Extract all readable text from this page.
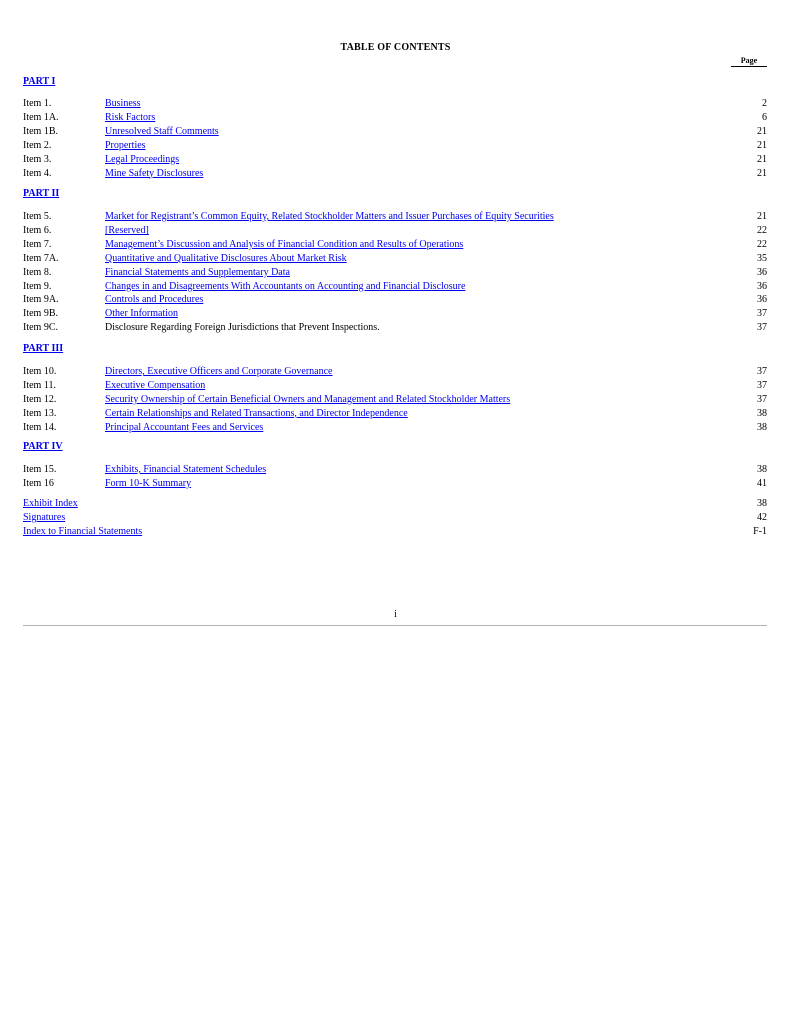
TABLE OF CONTENTS
Page
PART I
Item 1.	Business	2
Item 1A.	Risk Factors	6
Item 1B.	Unresolved Staff Comments	21
Item 2.	Properties	21
Item 3.	Legal Proceedings	21
Item 4.	Mine Safety Disclosures	21
PART II
Item 5.	Market for Registrant’s Common Equity, Related Stockholder Matters and Issuer Purchases of Equity Securities	21
Item 6.	[Reserved]	22
Item 7.	Management’s Discussion and Analysis of Financial Condition and Results of Operations	22
Item 7A.	Quantitative and Qualitative Disclosures About Market Risk	35
Item 8.	Financial Statements and Supplementary Data	36
Item 9.	Changes in and Disagreements With Accountants on Accounting and Financial Disclosure	36
Item 9A.	Controls and Procedures	36
Item 9B.	Other Information	37
Item 9C.	Disclosure Regarding Foreign Jurisdictions that Prevent Inspections.	37
PART III
Item 10.	Directors, Executive Officers and Corporate Governance	37
Item 11.	Executive Compensation	37
Item 12.	Security Ownership of Certain Beneficial Owners and Management and Related Stockholder Matters	37
Item 13.	Certain Relationships and Related Transactions, and Director Independence	38
Item 14.	Principal Accountant Fees and Services	38
PART IV
Item 15.	Exhibits, Financial Statement Schedules	38
Item 16	Form 10-K Summary	41
Exhibit Index	38
Signatures	42
Index to Financial Statements	F-1
i
